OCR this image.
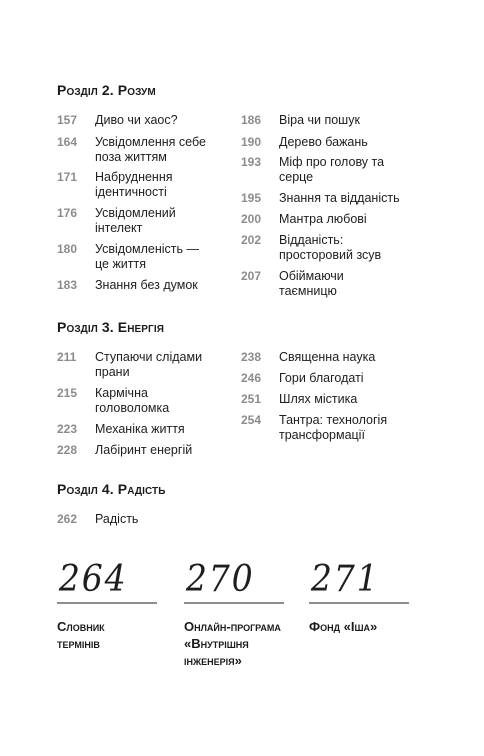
Розділ 2. Розум
157	Диво чи хаос?
164	Усвідомлення себе поза життям
171	Набруднення ідентичності
176	Усвідомлений інтелект
180	Усвідомленість — це життя
183	Знання без думок
186	Віра чи пошук
190	Дерево бажань
193	Міф про голову та серце
195	Знання та відданість
200	Мантра любові
202	Відданість: просторовий зсув
207	Обіймаючи таємницю
Розділ 3. Енергія
211	Ступаючи слідами прани
215	Кармічна головоломка
223	Механіка життя
228	Лабіринт енергій
238	Священна наука
246	Гори благодаті
251	Шлях містика
254	Тантра: технологія трансформації
Розділ 4. Радість
262	Радість
264
Словник термінів
270
Онлайн-програма «Внутрішня інженерія»
271
Фонд «Іша»
